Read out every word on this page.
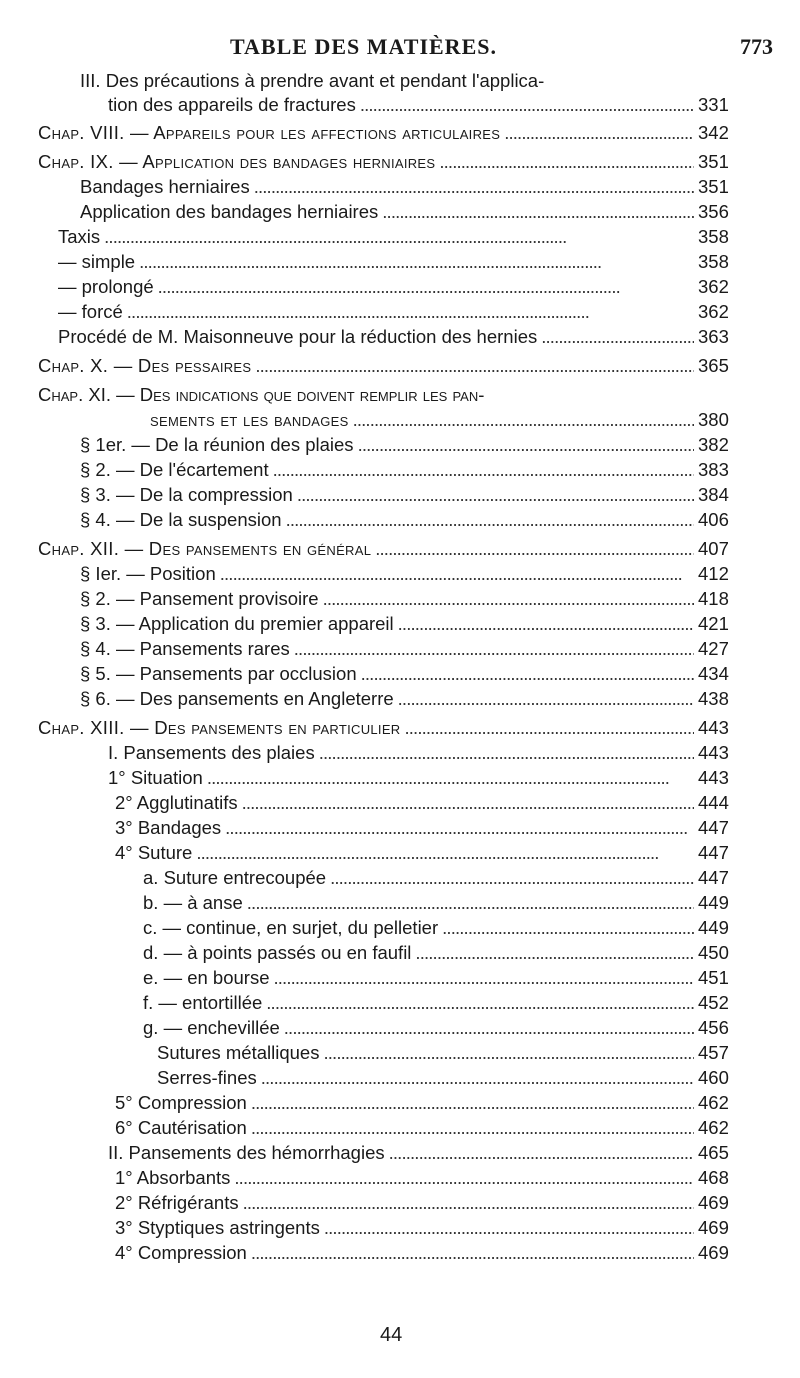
TABLE DES MATIÈRES.	773
III. Des précautions à prendre avant et pendant l'applica-
tion des appareils de fractures . . .	331
Chap. VIII. — Appareils pour les affections articulaires . . .	342
Chap. IX. — Application des bandages herniaires . . .	351
Bandages herniaires . . .	351
Application des bandages herniaires . . .	356
Taxis . . .	358
— simple . . .	358
— prolongé . . .	362
— forcé . . .	362
Procédé de M. Maisonneuve pour la réduction des hernies . . .	363
Chap. X. — Des pessaires . . .	365
Chap. XI. — Des indications que doivent remplir les pan-
sements et les bandages . . .	380
§ 1er. — De la réunion des plaies . . .	382
§ 2. — De l'écartement . . .	383
§ 3. — De la compression . . .	384
§ 4. — De la suspension . . .	406
Chap. XII. — Des pansements en général . . .	407
§ Ier. — Position . . .	412
§ 2. — Pansement provisoire . . .	418
§ 3. — Application du premier appareil . . .	421
§ 4. — Pansements rares . . .	427
§ 5. — Pansements par occlusion . . .	434
§ 6. — Des pansements en Angleterre . . .	438
Chap. XIII. — Des pansements en particulier . . .	443
I. Pansements des plaies . . .	443
1° Situation . . .	443
2° Agglutinatifs . . .	444
3° Bandages . . .	447
4° Suture . . .	447
a. Suture entrecoupée . . .	447
b. — à anse . . .	449
c. — continue, en surjet, du pelletier . . .	449
d. — à points passés ou en faufil . . .	450
e. — en bourse . . .	451
f. — entortillée . . .	452
g. — enchevillée . . .	456
Sutures métalliques . . .	457
Serres-fines . . .	460
5° Compression . . .	462
6° Cautérisation . . .	462
II. Pansements des hémorrhagies . . .	465
1° Absorbants . . .	468
2° Réfrigérants . . .	469
3° Styptiques astringents . . .	469
4° Compression . . .	469
44
